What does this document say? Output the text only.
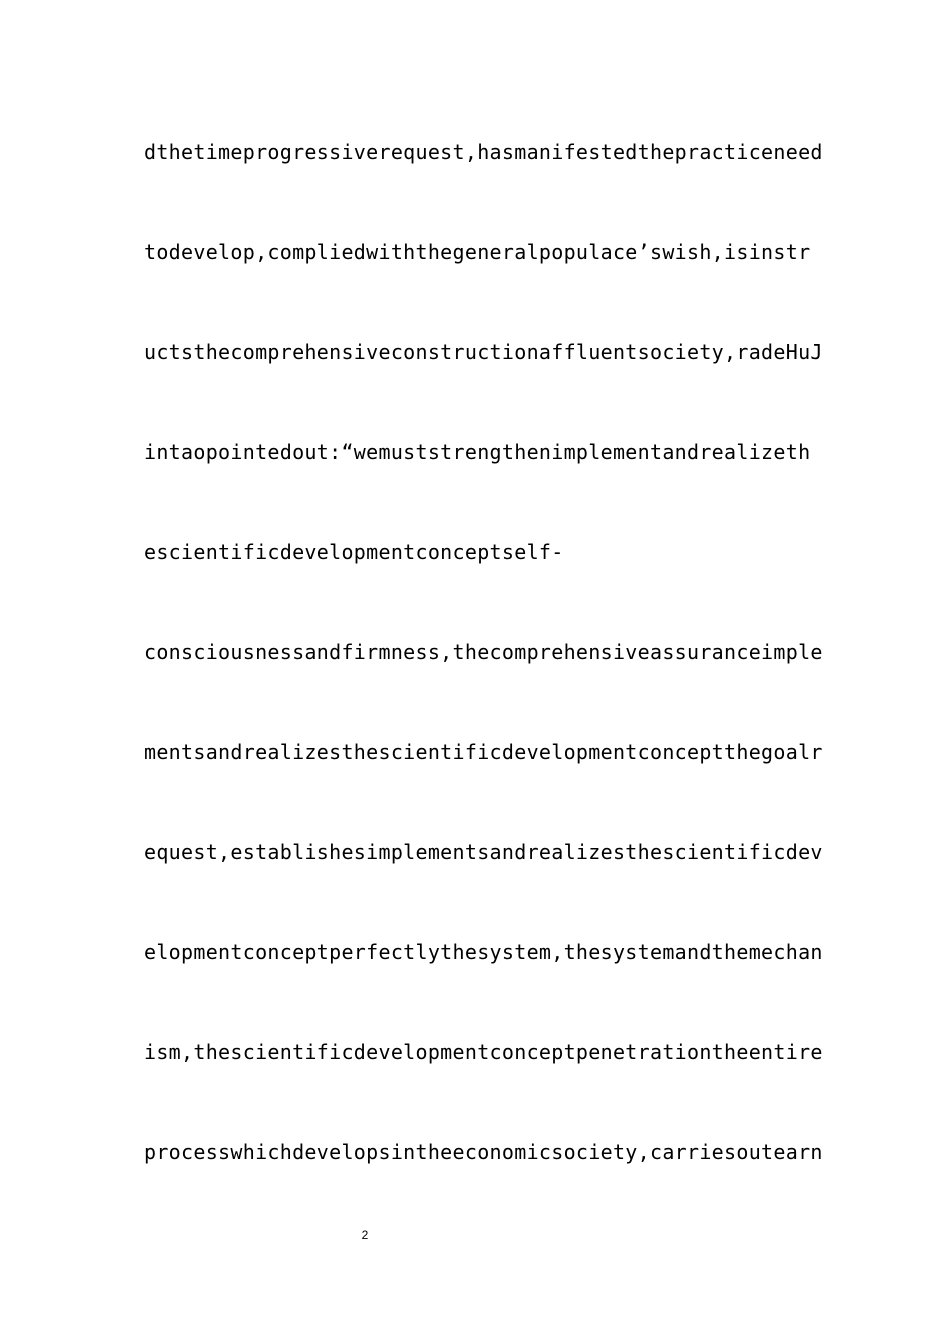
dthetimeprogressiverequest,hasmanifestedthepracticeneed
todevelop,compliedwiththegeneralpopulace’swish,isinstr
uctsthecomprehensiveconstructionaffluentsociety,radeHuJ
intaopointedout:“wemuststrengthenimplementandrealizeth
escientificdevelopmentconceptself-
consciousnessandfirmness,thecomprehensiveassuranceimple
mentsandrealizesthescientificdevelopmentconceptthegoalr
equest,establishesimplementsandrealizesthescientificdev
elopmentconceptperfectlythesystem,thesystemandthemechan
ism,thescientificdevelopmentconceptpenetrationtheentire
processwhichdevelopsintheeconomicsociety,carriesoutearn
2
